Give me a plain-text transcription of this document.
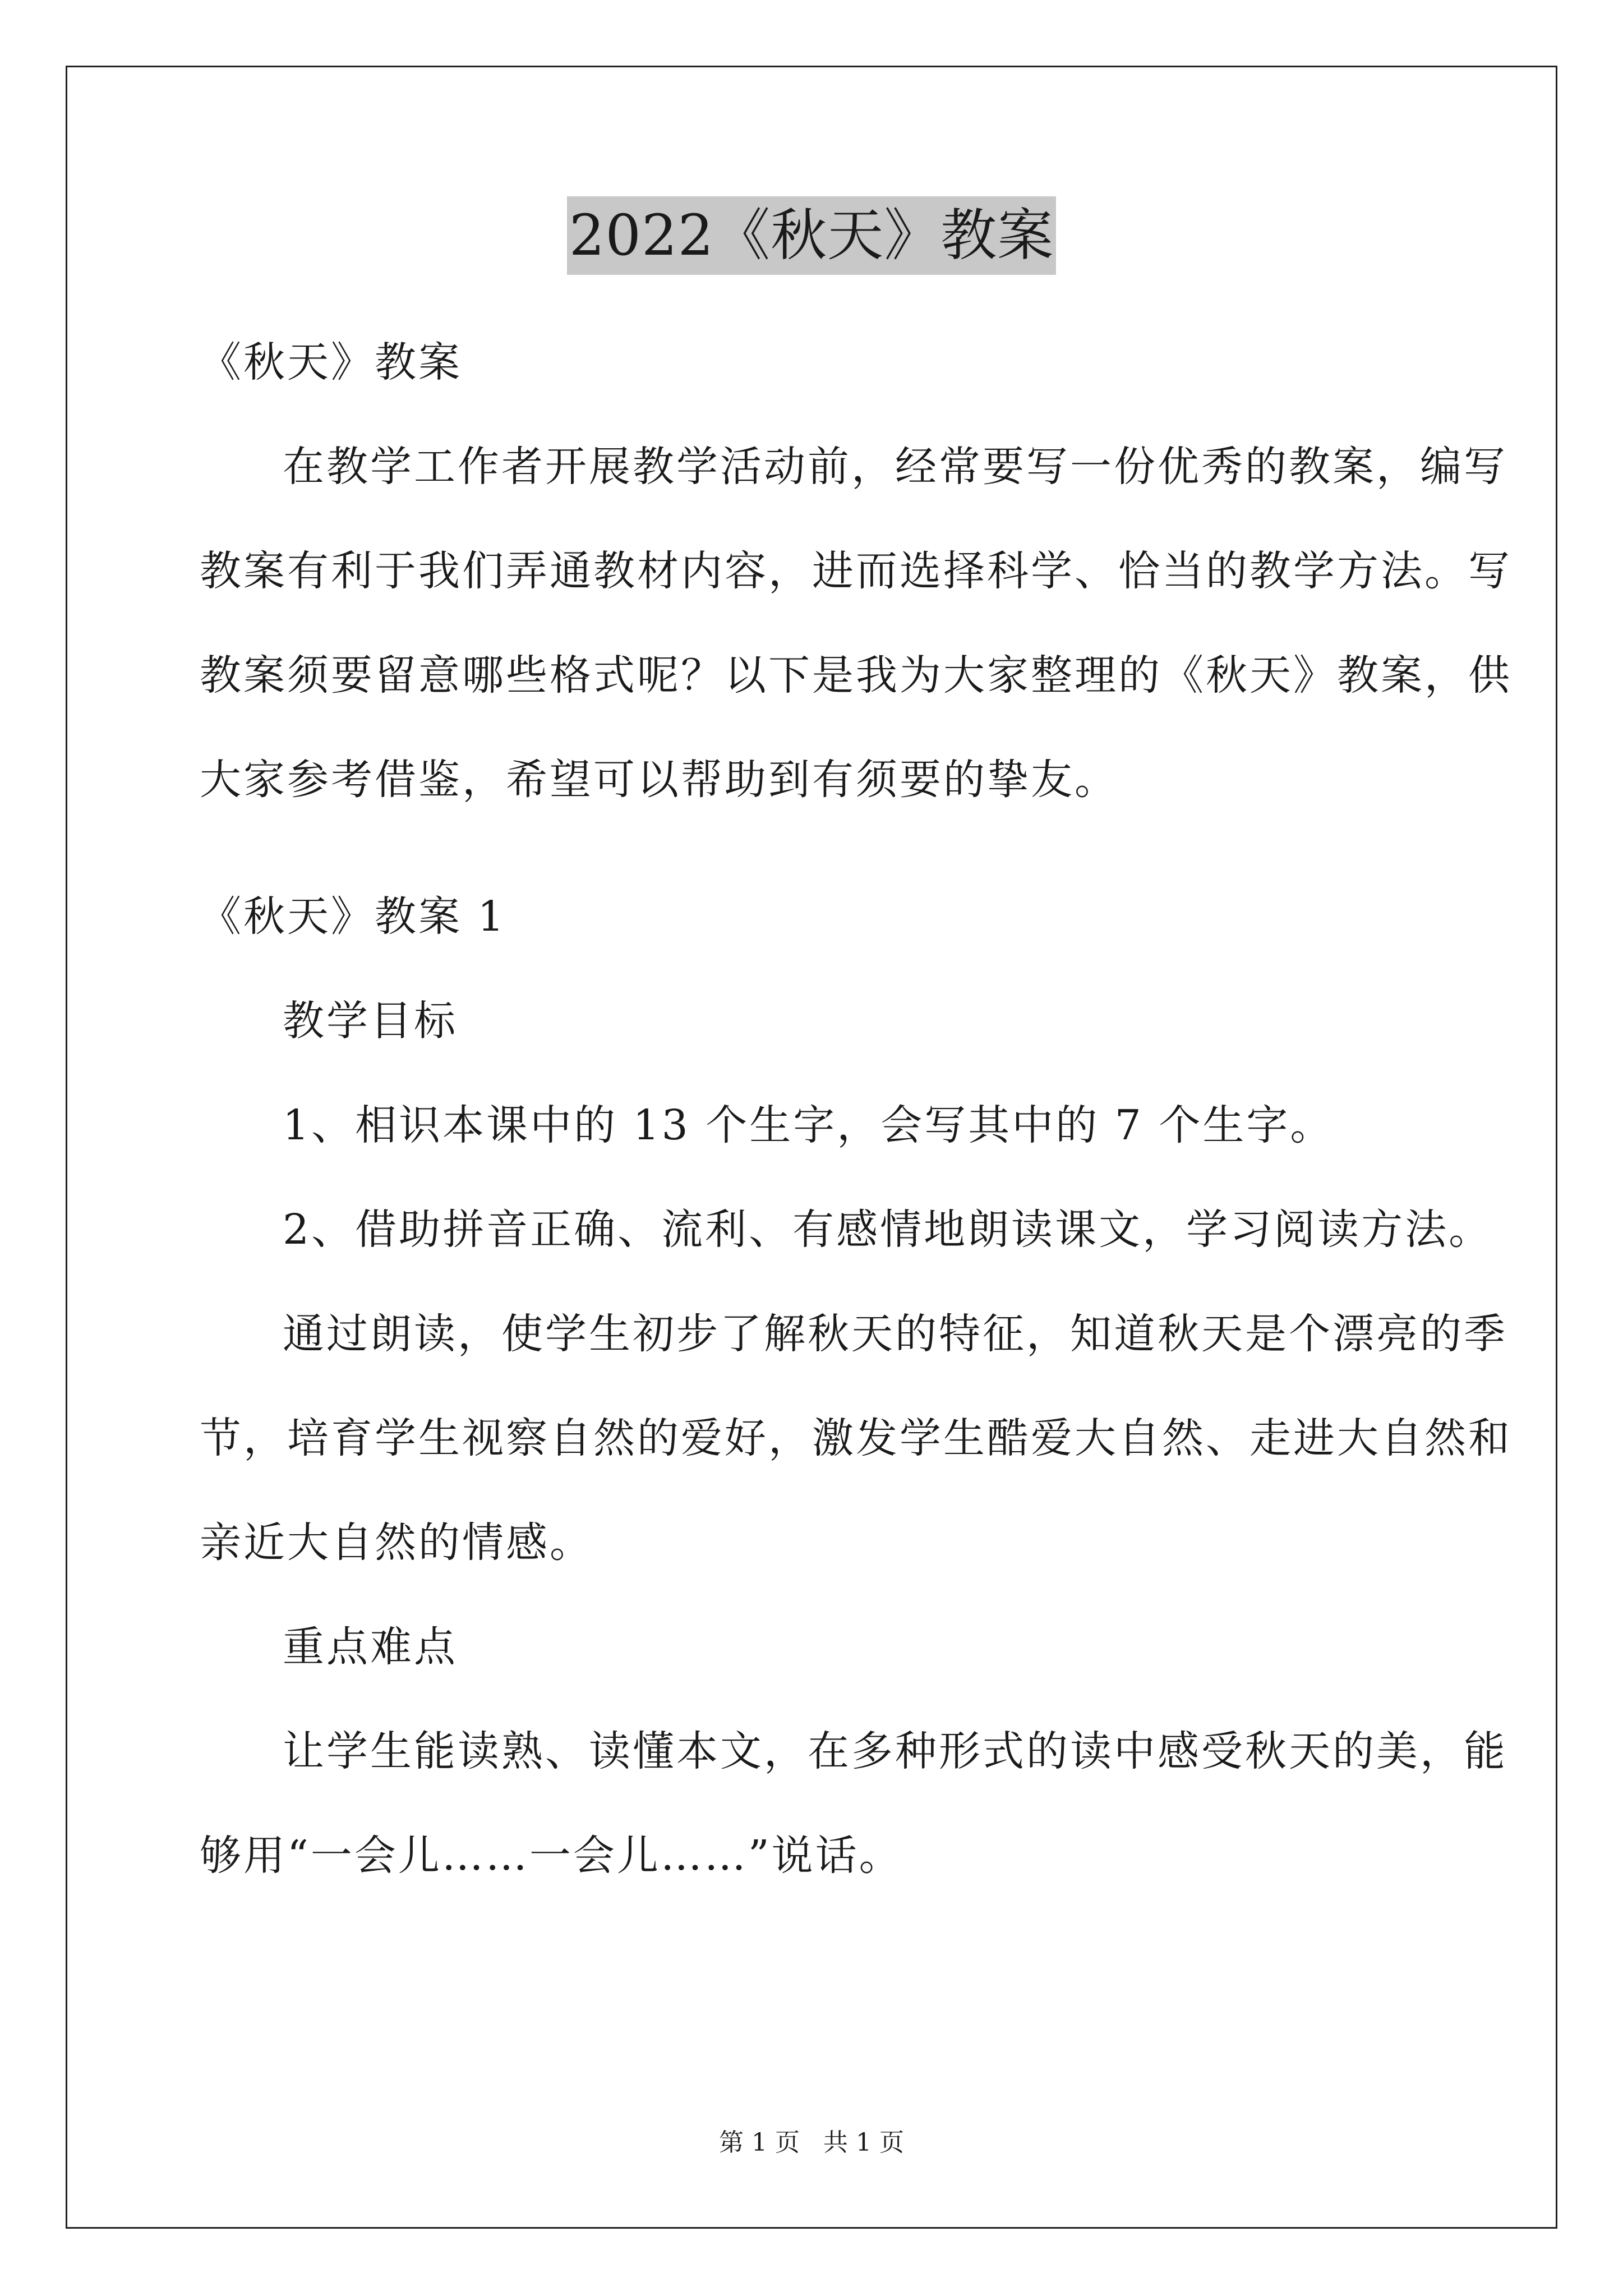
2022《秋天》教案
《秋天》教案
在教学工作者开展教学活动前，经常要写一份优秀的教案，编写
教案有利于我们弄通教材内容，进而选择科学、恰当的教学方法。写
教案须要留意哪些格式呢？以下是我为大家整理的《秋天》教案，供
大家参考借鉴，希望可以帮助到有须要的挚友。
《秋天》教案 1
教学目标
1、相识本课中的 13 个生字，会写其中的 7 个生字。
2、借助拼音正确、流利、有感情地朗读课文，学习阅读方法。
通过朗读，使学生初步了解秋天的特征，知道秋天是个漂亮的季
节，培育学生视察自然的爱好，激发学生酷爱大自然、走进大自然和
亲近大自然的情感。
重点难点
让学生能读熟、读懂本文，在多种形式的读中感受秋天的美，能
够用“一会儿……一会儿……”说话。
第 1 页 共 1 页
